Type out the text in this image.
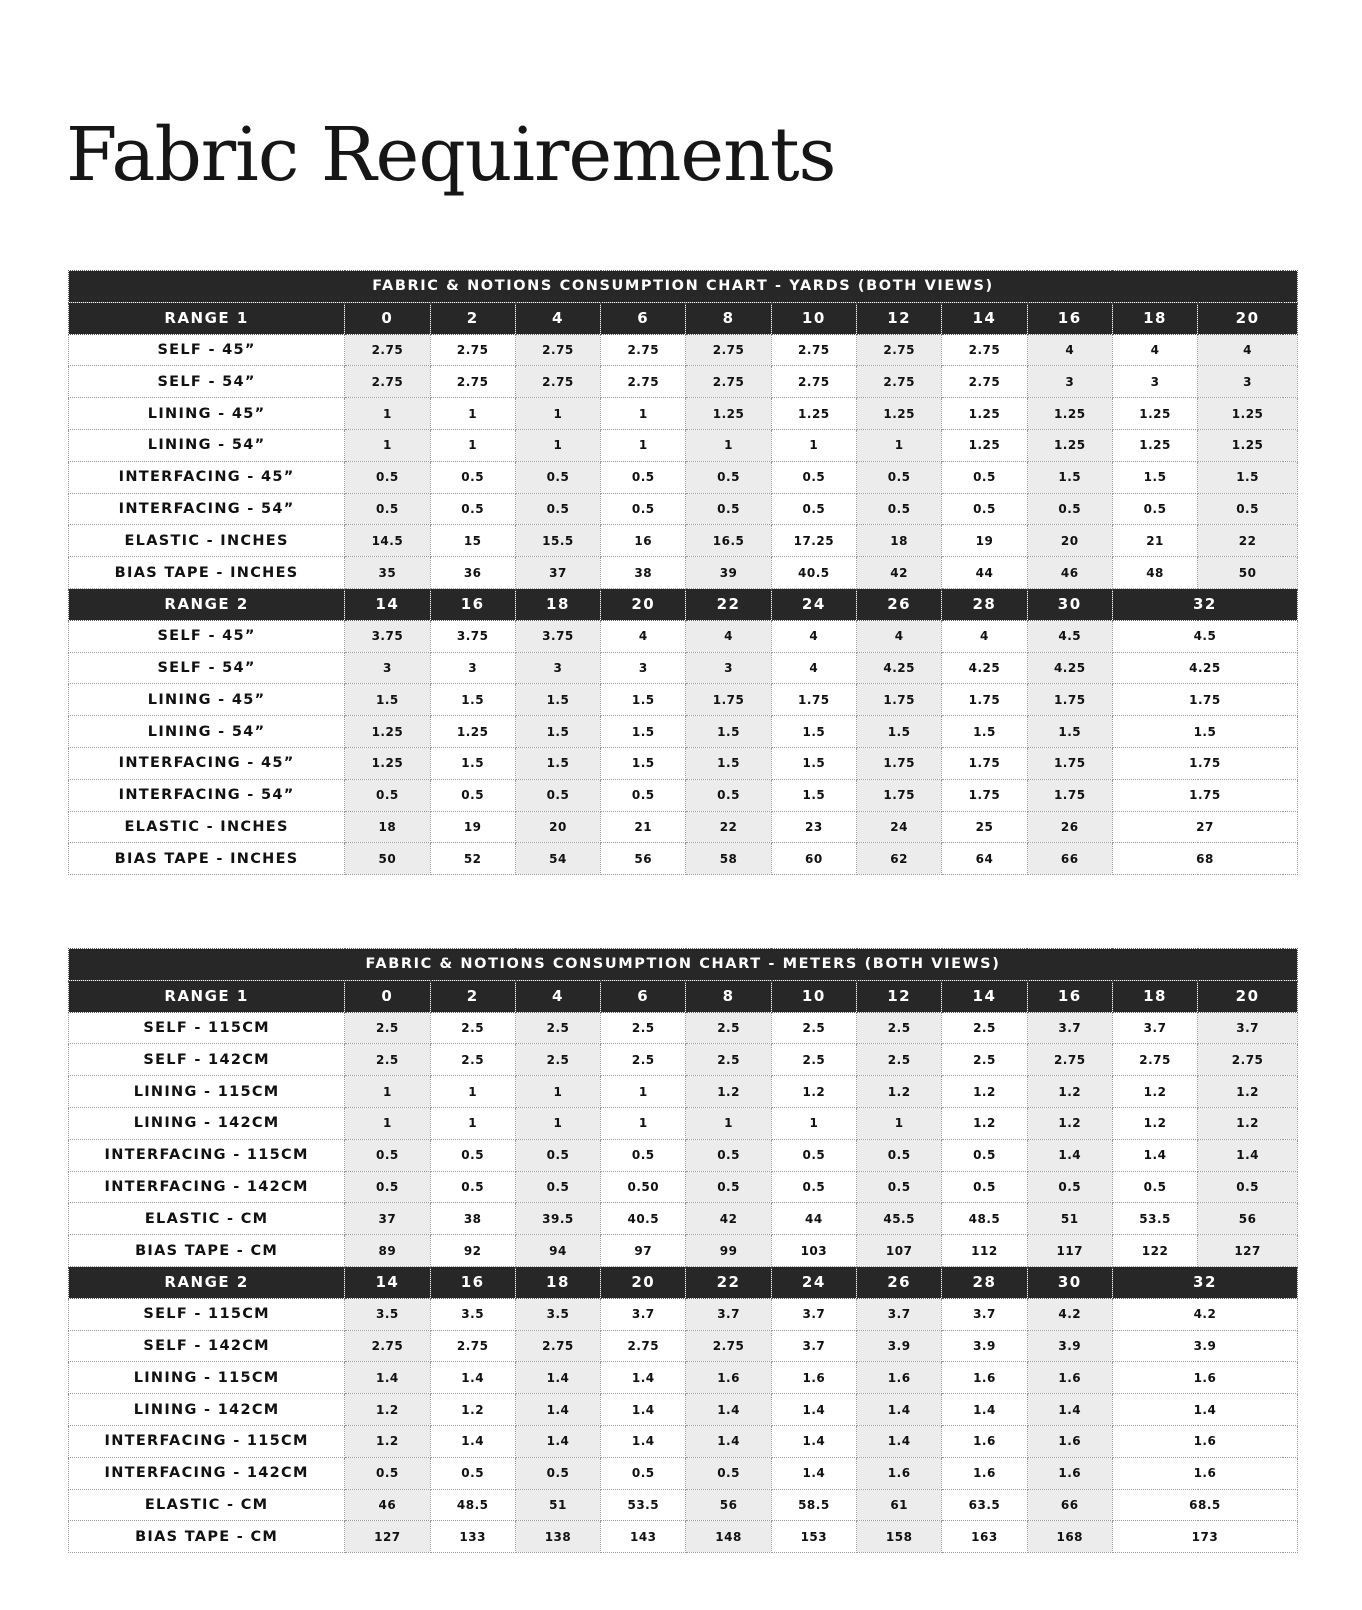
Fabric Requirements
FABRIC & NOTIONS CONSUMPTION CHART - YARDS (BOTH VIEWS)											
RANGE 1	0	2	4	6	8	10	12	14	16	18	20
SELF - 45”	2.75	2.75	2.75	2.75	2.75	2.75	2.75	2.75	4	4	4
SELF - 54”	2.75	2.75	2.75	2.75	2.75	2.75	2.75	2.75	3	3	3
LINING - 45”	1	1	1	1	1.25	1.25	1.25	1.25	1.25	1.25	1.25
LINING - 54”	1	1	1	1	1	1	1	1.25	1.25	1.25	1.25
INTERFACING - 45”	0.5	0.5	0.5	0.5	0.5	0.5	0.5	0.5	1.5	1.5	1.5
INTERFACING - 54”	0.5	0.5	0.5	0.5	0.5	0.5	0.5	0.5	0.5	0.5	0.5
ELASTIC - INCHES	14.5	15	15.5	16	16.5	17.25	18	19	20	21	22
BIAS TAPE - INCHES	35	36	37	38	39	40.5	42	44	46	48	50
RANGE 2	14	16	18	20	22	24	26	28	30	32	
SELF - 45”	3.75	3.75	3.75	4	4	4	4	4	4.5	4.5	
SELF - 54”	3	3	3	3	3	4	4.25	4.25	4.25	4.25	
LINING - 45”	1.5	1.5	1.5	1.5	1.75	1.75	1.75	1.75	1.75	1.75	
LINING - 54”	1.25	1.25	1.5	1.5	1.5	1.5	1.5	1.5	1.5	1.5	
INTERFACING - 45”	1.25	1.5	1.5	1.5	1.5	1.5	1.75	1.75	1.75	1.75	
INTERFACING - 54”	0.5	0.5	0.5	0.5	0.5	1.5	1.75	1.75	1.75	1.75	
ELASTIC - INCHES	18	19	20	21	22	23	24	25	26	27	
BIAS TAPE - INCHES	50	52	54	56	58	60	62	64	66	68	
FABRIC & NOTIONS CONSUMPTION CHART - METERS (BOTH VIEWS)											
RANGE 1	0	2	4	6	8	10	12	14	16	18	20
SELF - 115CM	2.5	2.5	2.5	2.5	2.5	2.5	2.5	2.5	3.7	3.7	3.7
SELF - 142CM	2.5	2.5	2.5	2.5	2.5	2.5	2.5	2.5	2.75	2.75	2.75
LINING - 115CM	1	1	1	1	1.2	1.2	1.2	1.2	1.2	1.2	1.2
LINING - 142CM	1	1	1	1	1	1	1	1.2	1.2	1.2	1.2
INTERFACING - 115CM	0.5	0.5	0.5	0.5	0.5	0.5	0.5	0.5	1.4	1.4	1.4
INTERFACING - 142CM	0.5	0.5	0.5	0.50	0.5	0.5	0.5	0.5	0.5	0.5	0.5
ELASTIC - CM	37	38	39.5	40.5	42	44	45.5	48.5	51	53.5	56
BIAS TAPE - CM	89	92	94	97	99	103	107	112	117	122	127
RANGE 2	14	16	18	20	22	24	26	28	30	32	
SELF - 115CM	3.5	3.5	3.5	3.7	3.7	3.7	3.7	3.7	4.2	4.2	
SELF - 142CM	2.75	2.75	2.75	2.75	2.75	3.7	3.9	3.9	3.9	3.9	
LINING - 115CM	1.4	1.4	1.4	1.4	1.6	1.6	1.6	1.6	1.6	1.6	
LINING - 142CM	1.2	1.2	1.4	1.4	1.4	1.4	1.4	1.4	1.4	1.4	
INTERFACING - 115CM	1.2	1.4	1.4	1.4	1.4	1.4	1.4	1.6	1.6	1.6	
INTERFACING - 142CM	0.5	0.5	0.5	0.5	0.5	1.4	1.6	1.6	1.6	1.6	
ELASTIC - CM	46	48.5	51	53.5	56	58.5	61	63.5	66	68.5	
BIAS TAPE - CM	127	133	138	143	148	153	158	163	168	173	
